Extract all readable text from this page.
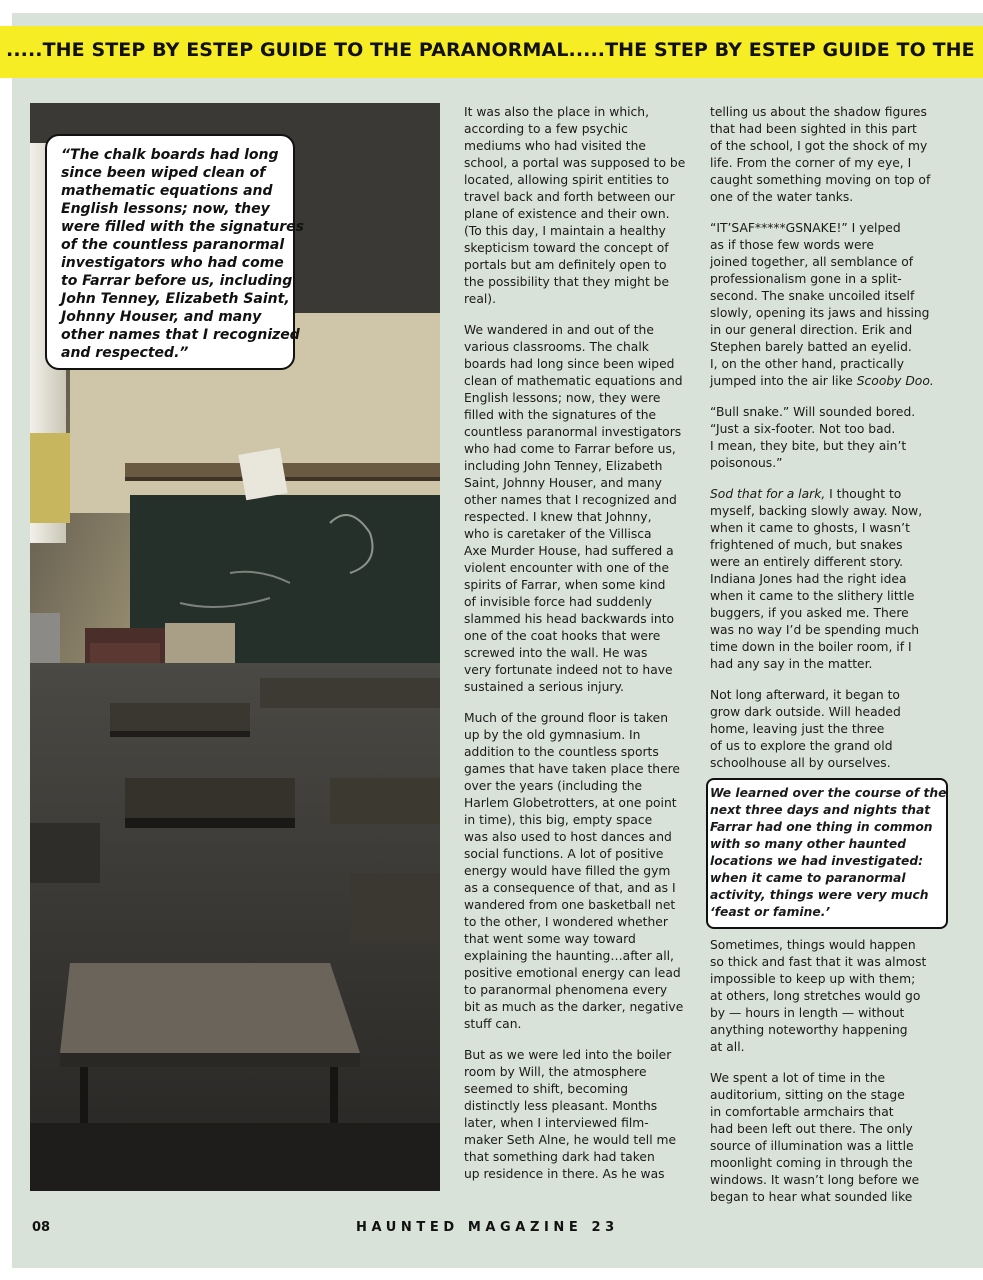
.....THE STEP BY ESTEP GUIDE TO THE PARANORMAL.....THE STEP BY ESTEP GUIDE TO THE
“The chalk boards had long
since been wiped clean of
mathematic equations and
English lessons; now, they
were filled with the signatures
of the countless paranormal
investigators who had come
to Farrar before us, including
John Tenney, Elizabeth Saint,
Johnny Houser, and many
other names that I recognized
and respected.”

It was also the place in which,
according to a few psychic
mediums who had visited the
school, a portal was supposed to be
located, allowing spirit entities to
travel back and forth between our
plane of existence and their own.
(To this day, I maintain a healthy
skepticism toward the concept of
portals but am definitely open to
the possibility that they might be
real).

We wandered in and out of the
various classrooms. The chalk
boards had long since been wiped
clean of mathematic equations and
English lessons; now, they were
filled with the signatures of the
countless paranormal investigators
who had come to Farrar before us,
including John Tenney, Elizabeth
Saint, Johnny Houser, and many
other names that I recognized and
respected. I knew that Johnny,
who is caretaker of the Villisca
Axe Murder House, had suffered a
violent encounter with one of the
spirits of Farrar, when some kind
of invisible force had suddenly
slammed his head backwards into
one of the coat hooks that were
screwed into the wall. He was
very fortunate indeed not to have
sustained a serious injury.

Much of the ground floor is taken
up by the old gymnasium. In
addition to the countless sports
games that have taken place there
over the years (including the
Harlem Globetrotters, at one point
in time), this big, empty space
was also used to host dances and
social functions. A lot of positive
energy would have filled the gym
as a consequence of that, and as I
wandered from one basketball net
to the other, I wondered whether
that went some way toward
explaining the haunting…after all,
positive emotional energy can lead
to paranormal phenomena every
bit as much as the darker, negative
stuff can.

But as we were led into the boiler
room by Will, the atmosphere
seemed to shift, becoming
distinctly less pleasant. Months
later, when I interviewed film-
maker Seth Alne, he would tell me
that something dark had taken
up residence in there. As he was

telling us about the shadow figures
that had been sighted in this part
of the school, I got the shock of my
life. From the corner of my eye, I
caught something moving on top of
one of the water tanks.

“IT’SAF*****GSNAKE!” I yelped
as if those few words were
joined together, all semblance of
professionalism gone in a split-
second. The snake uncoiled itself
slowly, opening its jaws and hissing
in our general direction. Erik and
Stephen barely batted an eyelid.
I, on the other hand, practically
jumped into the air like Scooby Doo.

“Bull snake.” Will sounded bored.
“Just a six-footer. Not too bad.
I mean, they bite, but they ain’t
poisonous.”

Sod that for a lark, I thought to
myself, backing slowly away. Now,
when it came to ghosts, I wasn’t
frightened of much, but snakes
were an entirely different story.
Indiana Jones had the right idea
when it came to the slithery little
buggers, if you asked me. There
was no way I’d be spending much
time down in the boiler room, if I
had any say in the matter.

Not long afterward, it began to
grow dark outside. Will headed
home, leaving just the three
of us to explore the grand old
schoolhouse all by ourselves.

We learned over the course of the
next three days and nights that
Farrar had one thing in common
with so many other haunted
locations we had investigated:
when it came to paranormal
activity, things were very much
‘feast or famine.’

Sometimes, things would happen
so thick and fast that it was almost
impossible to keep up with them;
at others, long stretches would go
by — hours in length — without
anything noteworthy happening
at all.

We spent a lot of time in the
auditorium, sitting on the stage
in comfortable armchairs that
had been left out there. The only
source of illumination was a little
moonlight coming in through the
windows. It wasn’t long before we
began to hear what sounded like

08	HAUNTED MAGAZINE 23
